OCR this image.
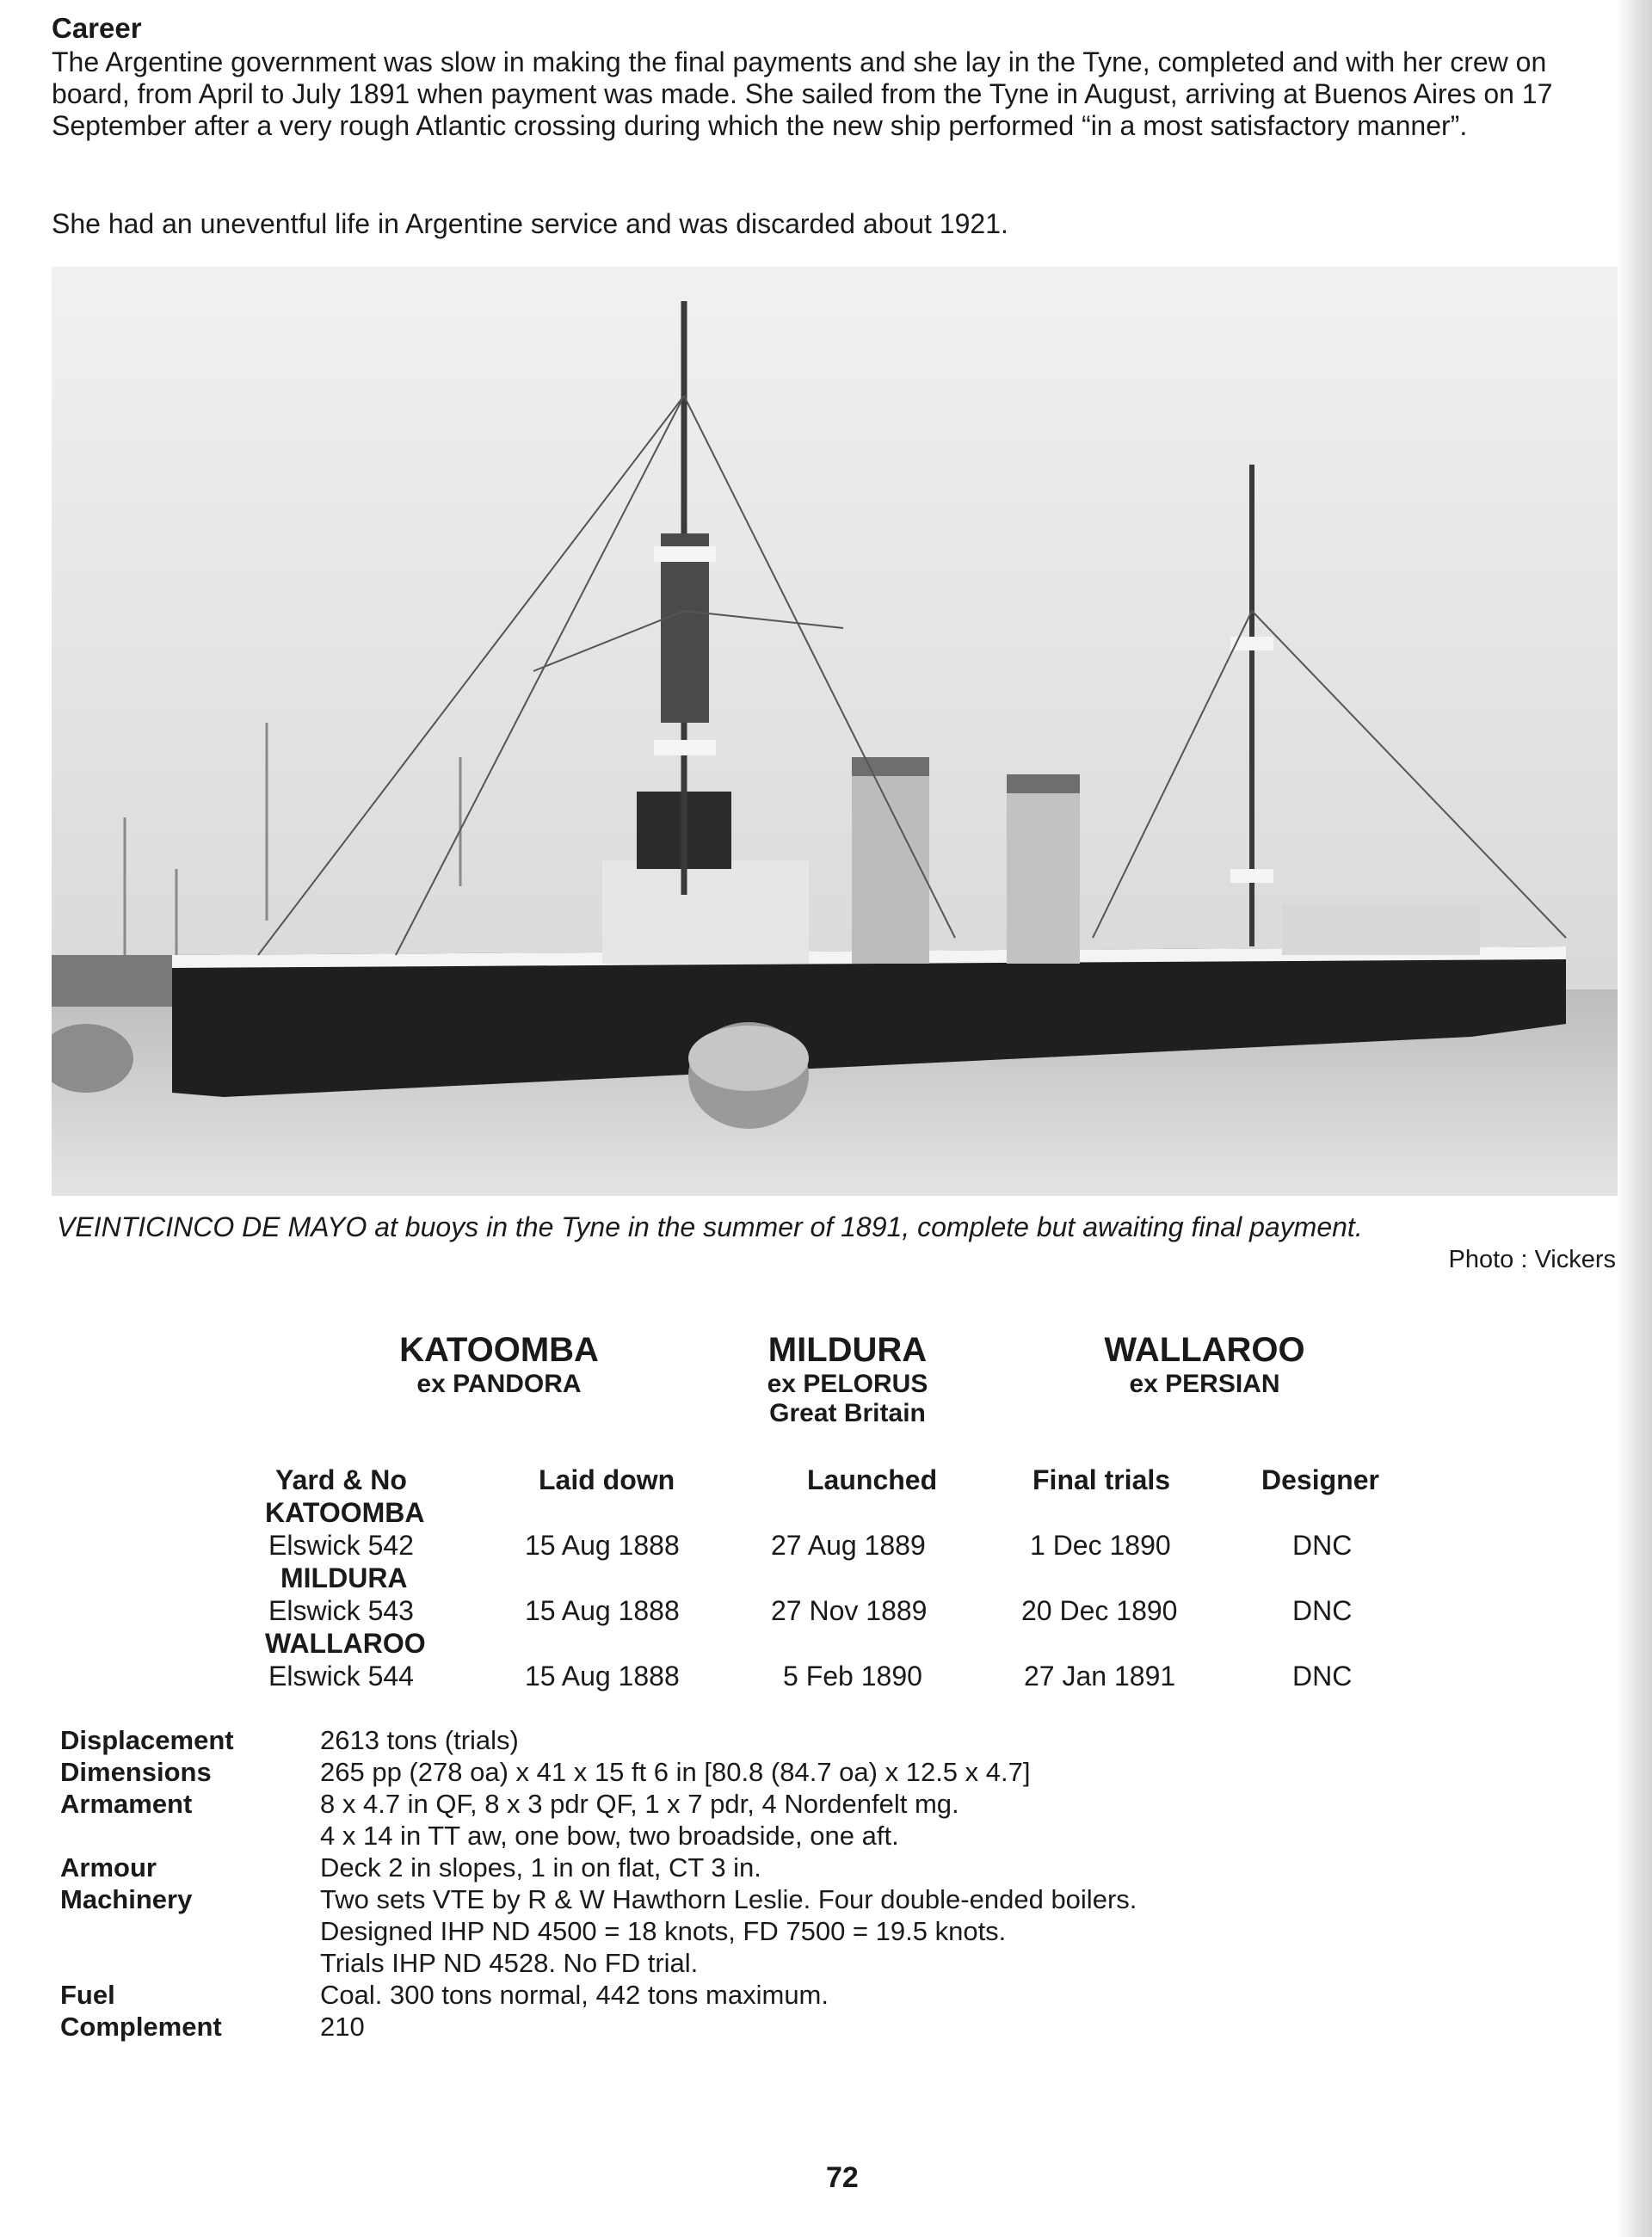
Career

The Argentine government was slow in making the final payments and she lay in the Tyne, completed and with her crew on board, from April to July 1891 when payment was made. She sailed from the Tyne in August, arriving at Buenos Aires on 17 September after a very rough Atlantic crossing during which the new ship performed “in a most satisfactory manner”.

She had an uneventful life in Argentine service and was discarded about 1921.

VEINTICINCO DE MAYO at buoys in the Tyne in the summer of 1891, complete but awaiting final payment.

Photo : Vickers

KATOOMBA
ex PANDORA
MILDURA
ex PELORUS
Great Britain
WALLAROO
ex PERSIAN
Yard & No	Laid down	Launched	Final trials	Designer
KATOOMBA
Elswick 542	15 Aug 1888	27 Aug 1889	1 Dec 1890	DNC
MILDURA
Elswick 543	15 Aug 1888	27 Nov 1889	20 Dec 1890	DNC
WALLAROO
Elswick 544	15 Aug 1888	5 Feb 1890	27 Jan 1891	DNC
Displacement	2613 tons (trials)
Dimensions	265 pp (278 oa) x 41 x 15 ft 6 in [80.8 (84.7 oa) x 12.5 x 4.7]
Armament	8 x 4.7 in QF, 8 x 3 pdr QF, 1 x 7 pdr, 4 Nordenfelt mg.
4 x 14 in TT aw, one bow, two broadside, one aft.
Armour	Deck 2 in slopes, 1 in on flat, CT 3 in.
Machinery	Two sets VTE by R & W Hawthorn Leslie. Four double-ended boilers.
Designed IHP ND 4500 = 18 knots, FD 7500 = 19.5 knots.
Trials IHP ND 4528. No FD trial.
Fuel	Coal. 300 tons normal, 442 tons maximum.
Complement	210
72
